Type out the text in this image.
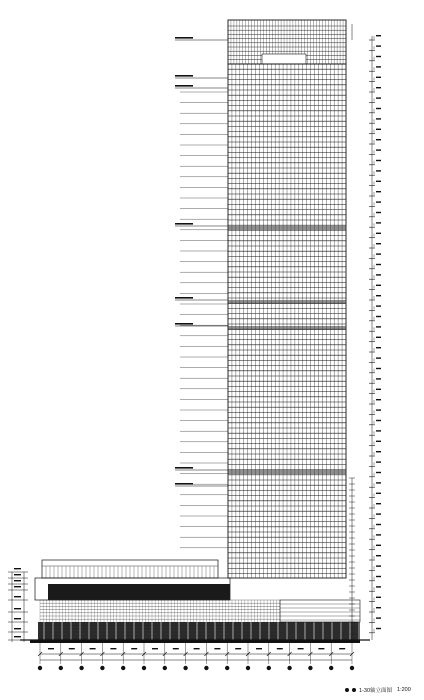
1-30轴立面图 1:200
